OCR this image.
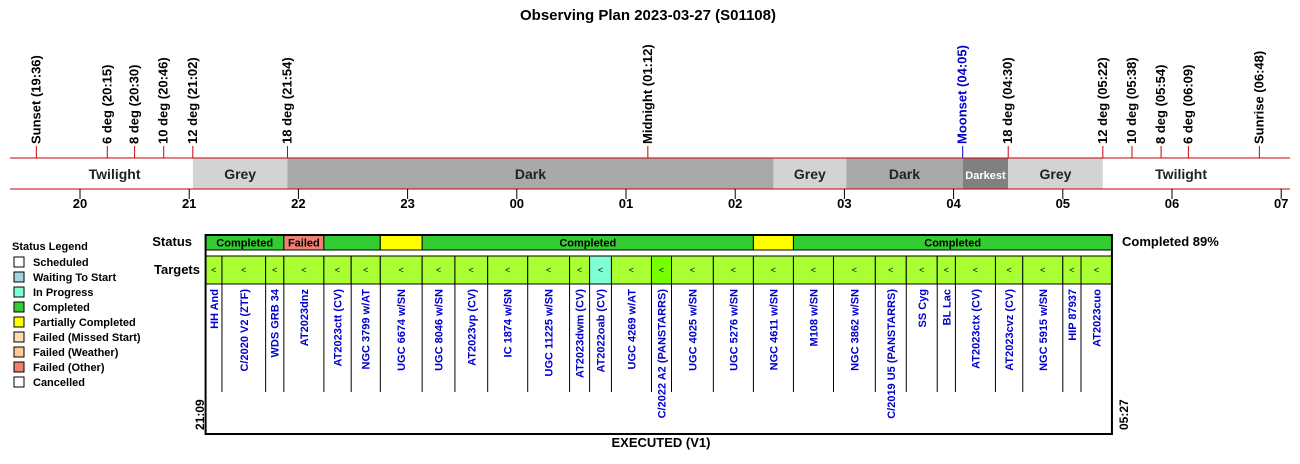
Observing Plan 2023-03-27 (S01108)
Sunset (19:36)	6 deg (20:15) 8 deg (20:30) 10 deg (20:46) 12 deg (21:02)	18 deg (21:54)	Midnight (01:12)	Moonset (04:05) 18 deg (04:30)	12 deg (05:22) 10 deg (05:38) 8 deg (05:54) 6 deg (06:09)	Sunrise (06:48)
Twilight	Grey	Dark	Grey	Dark	Darkest Grey	Twilight
20	21	22	23	00	01	02	03	04	05	06	07
Status Legend
Scheduled
Waiting To Start
In Progress
Completed
Partially Completed
Failed (Missed Start)
Failed (Weather)
Failed (Other)
Cancelled
Completed Failed	Completed	Completed
<
HH And
<
C/2020 V2 (ZTF)
<
WDS GRB 34
<
AT2023dnz
<
AT2023ctt (CV)
<
NGC 3799 w/AT
<
UGC 6674 w/SN
<
UGC 8046 w/SN
<
AT2023vp (CV)
<
IC 1874 w/SN
<
UGC 11225 w/SN
<
AT2023dwm (CV)
<
AT2022oab (CV)
<
UGC 4269 w/AT
<
C/2022 A2 (PANSTARRS)
<
UGC 4025 w/SN
<
UGC 5276 w/SN
<
NGC 4611 w/SN
<
M108 w/SN
<
NGC 3862 w/SN
<
C/2019 U5 (PANSTARRS)
<
SS Cyg
<
BL Lac
<
AT2023ctx (CV)
<
AT2023cvz (CV)
<
NGC 5915 w/SN
<
HIP 87937
<
AT2023cuo
Status
Targets
Completed 89%
EXECUTED (V1)
21:09	05:27
